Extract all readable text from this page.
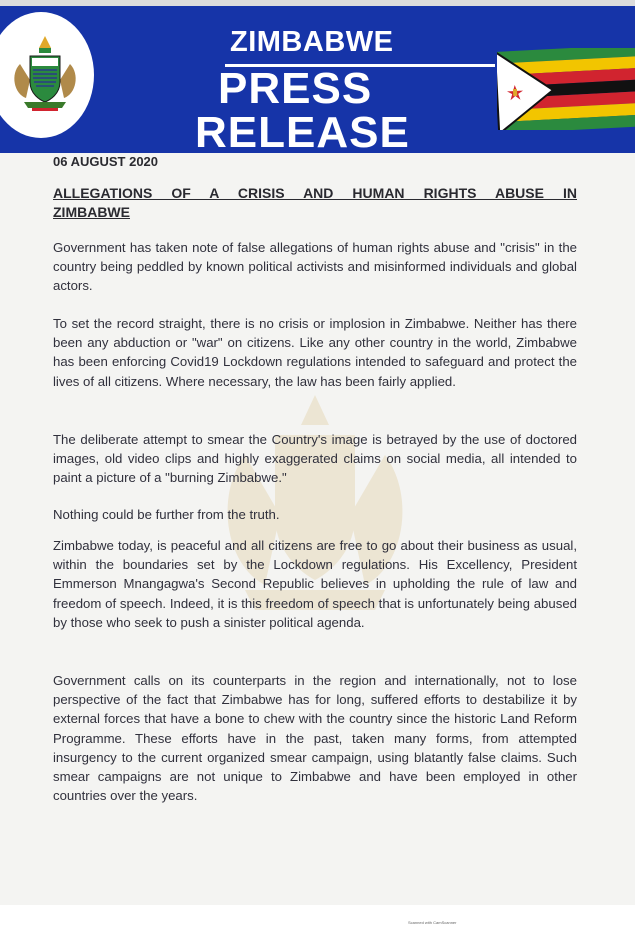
ZIMBABWE
PRESS
RELEASE
06 AUGUST 2020
ALLEGATIONS OF A CRISIS AND HUMAN RIGHTS ABUSE IN ZIMBABWE

Government has taken note of false allegations of human rights abuse and "crisis" in the country being peddled by known political activists and misinformed individuals and global actors.

To set the record straight, there is no crisis or implosion in Zimbabwe. Neither has there been any abduction or "war" on citizens. Like any other country in the world, Zimbabwe has been enforcing Covid19 Lockdown regulations intended to safeguard and protect the lives of all citizens. Where necessary, the law has been fairly applied.

The deliberate attempt to smear the Country's image is betrayed by the use of doctored images, old video clips and highly exaggerated claims on social media, all intended to paint a picture of a "burning Zimbabwe."

Nothing could be further from the truth.

Zimbabwe today, is peaceful and all citizens are free to go about their business as usual, within the boundaries set by the Lockdown regulations. His Excellency, President Emmerson Mnangagwa's Second Republic believes in upholding the rule of law and freedom of speech. Indeed, it is this freedom of speech that is unfortunately being abused by those who seek to push a sinister political agenda.

Government calls on its counterparts in the region and internationally, not to lose perspective of the fact that Zimbabwe has for long, suffered efforts to destabilize it by external forces that have a bone to chew with the country since the historic Land Reform Programme. These efforts have in the past, taken many forms, from attempted insurgency to the current organized smear campaign, using blatantly false claims. Such smear campaigns are not unique to Zimbabwe and have been employed in other countries over the years.

Scanned with CamScanner
